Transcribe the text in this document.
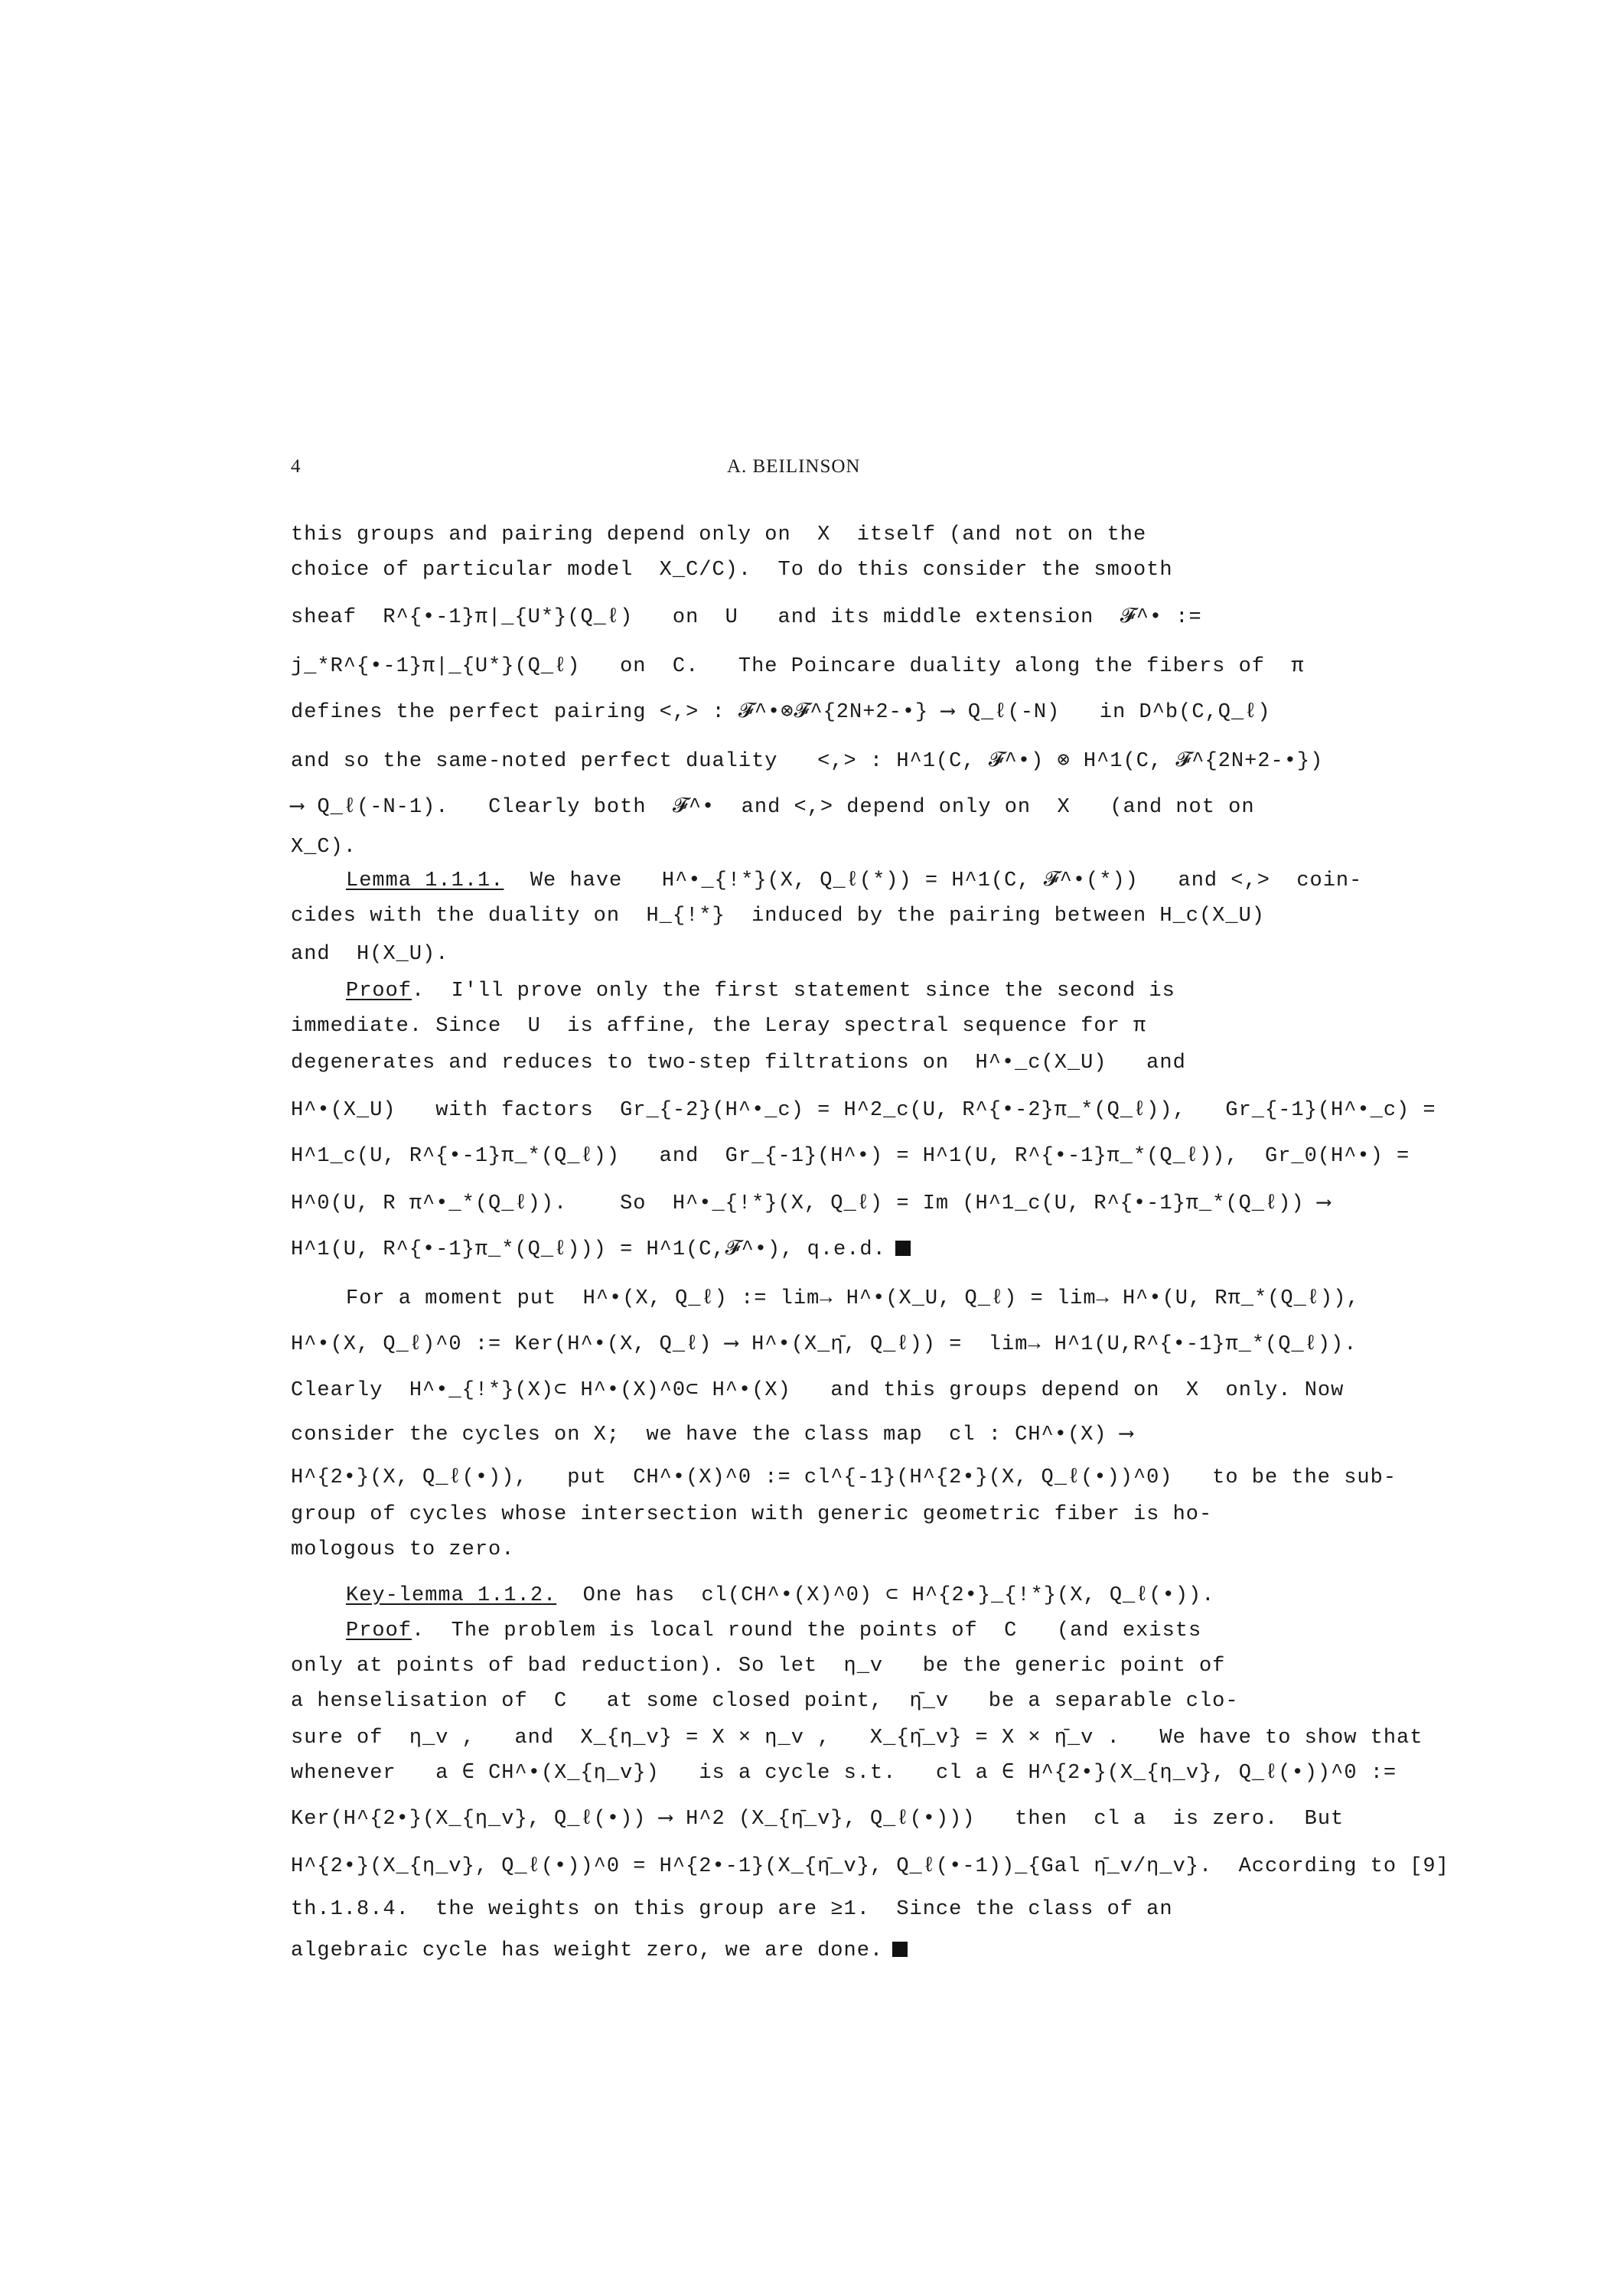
4	A. BEILINSON
this groups and pairing depend only on  X  itself (and not on the
choice of particular model  X_C/C).  To do this consider the smooth
sheaf  R^{•-1}π|_{U*}(Q_ℓ)   on  U   and its middle extension  𝓕^• :=
j_*R^{•-1}π|_{U*}(Q_ℓ)   on  C.   The Poincare duality along the fibers of  π
defines the perfect pairing <,> : 𝓕^•⊗𝓕^{2N+2-•} ⟶ Q_ℓ(-N)   in D^b(C,Q_ℓ)
and so the same-noted perfect duality   <,> : H^1(C, 𝓕^•) ⊗ H^1(C, 𝓕^{2N+2-•})
⟶ Q_ℓ(-N-1).   Clearly both  𝓕^•  and <,> depend only on  X   (and not on
X_C).
Lemma 1.1.1.  We have   H^•_{!*}(X, Q_ℓ(*)) = H^1(C, 𝓕^•(*))   and <,>  coin-
cides with the duality on  H_{!*}  induced by the pairing between H_c(X_U)
and  H(X_U).
Proof.  I'll prove only the first statement since the second is
immediate. Since  U  is affine, the Leray spectral sequence for π
degenerates and reduces to two-step filtrations on  H^•_c(X_U)   and
H^•(X_U)   with factors  Gr_{-2}(H^•_c) = H^2_c(U, R^{•-2}π_*(Q_ℓ)),   Gr_{-1}(H^•_c) =
H^1_c(U, R^{•-1}π_*(Q_ℓ))   and  Gr_{-1}(H^•) = H^1(U, R^{•-1}π_*(Q_ℓ)),  Gr_0(H^•) =
H^0(U, R π^•_*(Q_ℓ)).    So  H^•_{!*}(X, Q_ℓ) = Im (H^1_c(U, R^{•-1}π_*(Q_ℓ)) ⟶
H^1(U, R^{•-1}π_*(Q_ℓ))) = H^1(C,𝓕^•), q.e.d.
For a moment put  H^•(X, Q_ℓ) := lim→ H^•(X_U, Q_ℓ) = lim→ H^•(U, Rπ_*(Q_ℓ)),
H^•(X, Q_ℓ)^0 := Ker(H^•(X, Q_ℓ) ⟶ H^•(X_η̄, Q_ℓ)) =  lim→ H^1(U,R^{•-1}π_*(Q_ℓ)).
Clearly  H^•_{!*}(X)⊂ H^•(X)^0⊂ H^•(X)   and this groups depend on  X  only. Now
consider the cycles on X;  we have the class map  cl : CH^•(X) ⟶
H^{2•}(X, Q_ℓ(•)),   put  CH^•(X)^0 := cl^{-1}(H^{2•}(X, Q_ℓ(•))^0)   to be the sub-
group of cycles whose intersection with generic geometric fiber is ho-
mologous to zero.
Key-lemma 1.1.2.  One has  cl(CH^•(X)^0) ⊂ H^{2•}_{!*}(X, Q_ℓ(•)).
Proof.  The problem is local round the points of  C   (and exists
only at points of bad reduction). So let  η_v   be the generic point of
a henselisation of  C   at some closed point,  η̄_v   be a separable clo-
sure of  η_v ,   and  X_{η_v} = X × η_v ,   X_{η̄_v} = X × η̄_v .   We have to show that
whenever   a ∈ CH^•(X_{η_v})   is a cycle s.t.   cl a ∈ H^{2•}(X_{η_v}, Q_ℓ(•))^0 :=
Ker(H^{2•}(X_{η_v}, Q_ℓ(•)) ⟶ H^2 (X_{η̄_v}, Q_ℓ(•)))   then  cl a  is zero.  But
H^{2•}(X_{η_v}, Q_ℓ(•))^0 = H^{2•-1}(X_{η̄_v}, Q_ℓ(•-1))_{Gal η̄_v/η_v}.  According to [9]
th.1.8.4.  the weights on this group are ≥1.  Since the class of an
algebraic cycle has weight zero, we are done.
